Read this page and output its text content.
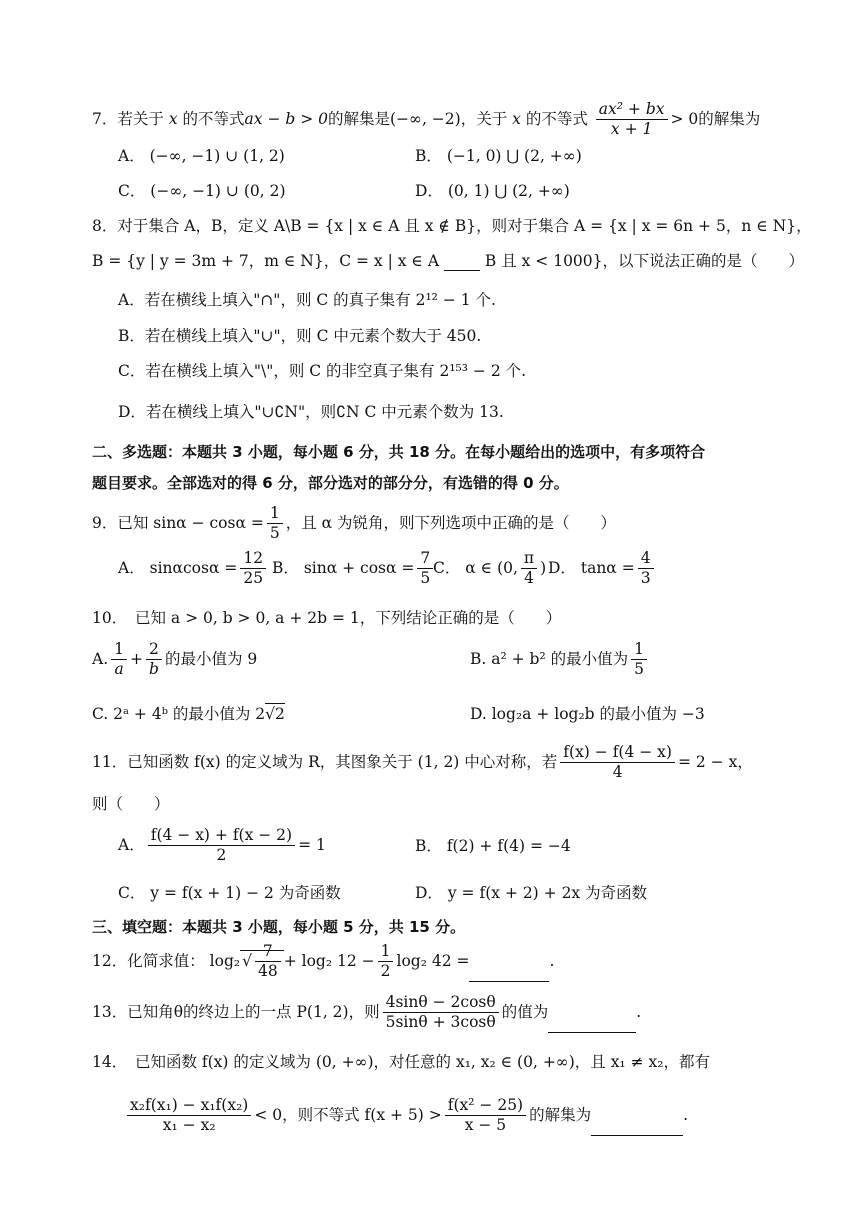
7．若关于 x 的不等式ax − b > 0的解集是(−∞, −2)，关于 x 的不等式 $\frac{\text{ax² + bx}}{x + 1} > 0$的解集为
A． (−∞, −1) ∪ (1, 2)	B． (−1, 0) ⋃ (2, +∞)
C． (−∞, −1) ∪ (0, 2)	D． (0, 1) ⋃ (2, +∞)
8．对于集合 A，B，定义 A\B = {x | x ∈ A 且 x ∉ B}，则对于集合 A = {x | x = 6n + 5，n ∈ N}，
B = {y | y = 3m + 7，m ∈ N}，C = x | x ∈ A  B 且 x < 1000}，以下说法正确的是（　　）
A．若在横线上填入"∩"，则 C 的真子集有 2¹² − 1 个.
B．若在横线上填入"∪"，则 C 中元素个数大于 450.
C．若在横线上填入"\"，则 C 的非空真子集有 2¹⁵³ − 2 个.
D．若在横线上填入"∪∁N"，则∁N C 中元素个数为 13.
二、多选题：本题共 3 小题，每小题 6 分，共 18 分。在每小题给出的选项中，有多项符合
题目要求。全部选对的得 6 分，部分选对的部分分，有选错的得 0 分。
9．已知 $\sin\alpha - \cos\alpha = \frac{1}{5}$ ，且 α 为锐角，则下列选项中正确的是（　　）
A． $\sin\alpha\cos\alpha = \frac{12}{25}$ B． $\sin\alpha + \cos\alpha = \frac{7}{5}$ C． α ∈ (0, $\frac{\pi}{4}$ ) D． $\tan\alpha = \frac{4}{3}$
10．　已知 a > 0, b > 0, a + 2b = 1，下列结论正确的是（　　）
A. $\frac{1}{a} + \frac{2}{b}$ 的最小值为 9	B. a² + b² 的最小值为 $\frac{1}{5}$
C. 2ᵃ + 4ᵇ 的最小值为 2√2	D. log₂a + log₂b 的最小值为 −3
11．已知函数 f(x) 的定义域为 R，其图象关于 (1, 2) 中心对称，若 $\frac{f(x) - f(4 - x)}{4} = 2 - x$，
则（　　）
A． $\frac{f(4 - x) + f(x - 2)}{2} = 1$	B． f(2) + f(4) = −4
C． y = f(x + 1) − 2 为奇函数	D． y = f(x + 2) + 2x 为奇函数
三、填空题：本题共 3 小题，每小题 5 分，共 15 分。
12．化简求值： log₂ √ $\frac{7}{48} + \log_2$ $12 - \frac{1}{2} \log_2$ 42 =	.
13．已知角θ的终边上的一点 P(1, 2)，则 $\frac{4\sin\theta - 2\cos\theta}{5\sin\theta + 3\cos\theta}$ 的值为	.
14．　已知函数 f(x) 的定义域为 (0, +∞)，对任意的 x₁, x₂ ∈ (0, +∞)，且 x₁ ≠ x₂，都有
$\frac{\text{x₂f(x₁) − x₁f(x₂)}}{\text{x₁ − x₂}} < 0$，则不等式 $f(x + 5) > \frac{\text{f(x² − 25)}}{x - 5}$ 的解集为	.
